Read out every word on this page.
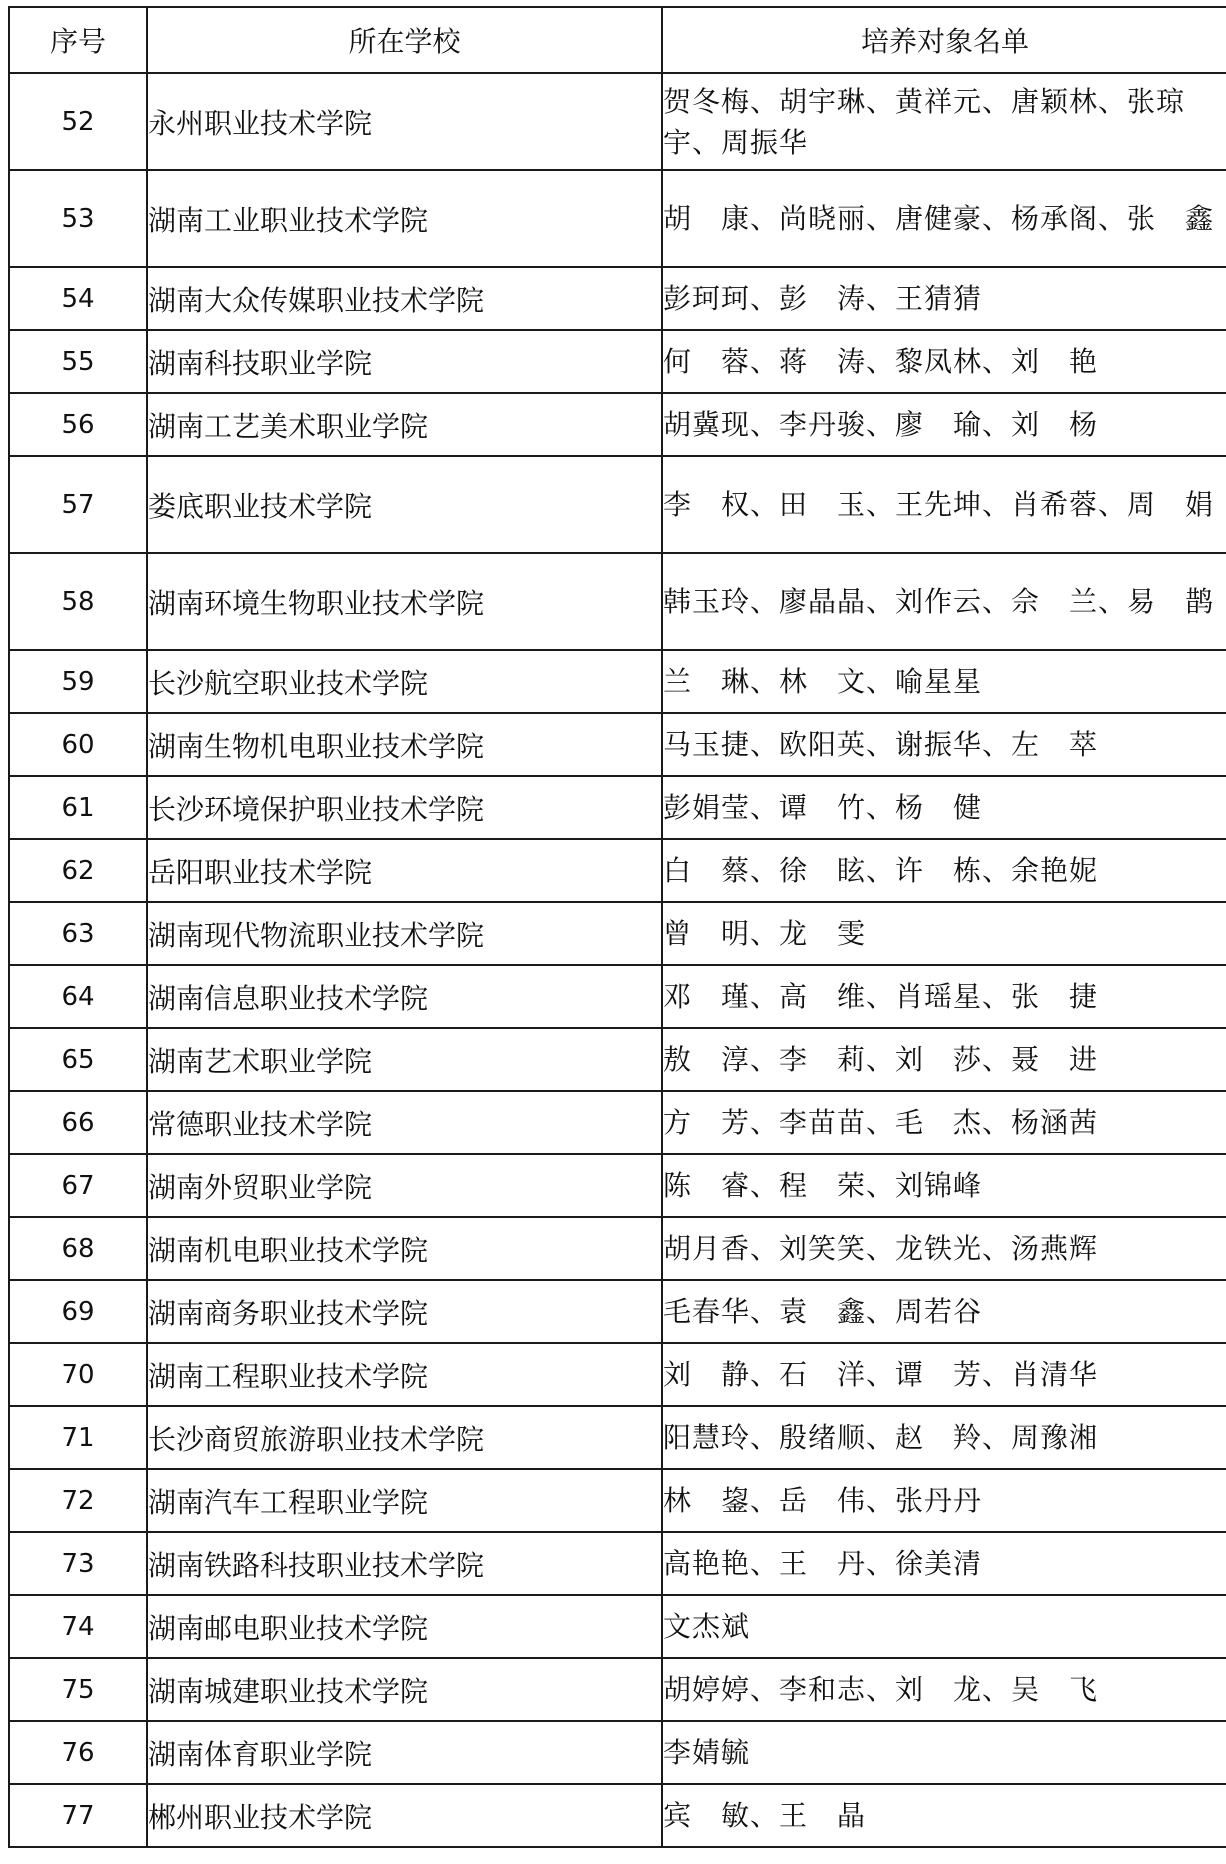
序号	所在学校	培养对象名单
52	永州职业技术学院	贺冬梅、胡宇琳、黄祥元、唐颖林、张琼宇、周振华
53	湖南工业职业技术学院	胡　康、尚晓丽、唐健豪、杨承阁、张　鑫
54	湖南大众传媒职业技术学院	彭珂珂、彭　涛、王猜猜
55	湖南科技职业学院	何　蓉、蒋　涛、黎凤林、刘　艳
56	湖南工艺美术职业学院	胡冀现、李丹骏、廖　瑜、刘　杨
57	娄底职业技术学院	李　权、田　玉、王先坤、肖希蓉、周　娟
58	湖南环境生物职业技术学院	韩玉玲、廖晶晶、刘作云、佘　兰、易　鹊
59	长沙航空职业技术学院	兰　琳、林　文、喻星星
60	湖南生物机电职业技术学院	马玉捷、欧阳英、谢振华、左　萃
61	长沙环境保护职业技术学院	彭娟莹、谭　竹、杨　健
62	岳阳职业技术学院	白　蔡、徐　眩、许　栋、余艳妮
63	湖南现代物流职业技术学院	曾　明、龙　雯
64	湖南信息职业技术学院	邓　瑾、高　维、肖瑶星、张　捷
65	湖南艺术职业学院	敖　淳、李　莉、刘　莎、聂　进
66	常德职业技术学院	方　芳、李苗苗、毛　杰、杨涵茜
67	湖南外贸职业学院	陈　睿、程　荣、刘锦峰
68	湖南机电职业技术学院	胡月香、刘笑笑、龙铁光、汤燕辉
69	湖南商务职业技术学院	毛春华、袁　鑫、周若谷
70	湖南工程职业技术学院	刘　静、石　洋、谭　芳、肖清华
71	长沙商贸旅游职业技术学院	阳慧玲、殷绪顺、赵　羚、周豫湘
72	湖南汽车工程职业学院	林　鋆、岳　伟、张丹丹
73	湖南铁路科技职业技术学院	高艳艳、王　丹、徐美清
74	湖南邮电职业技术学院	文杰斌
75	湖南城建职业技术学院	胡婷婷、李和志、刘　龙、吴　飞
76	湖南体育职业学院	李婧毓
77	郴州职业技术学院	宾　敏、王　晶
